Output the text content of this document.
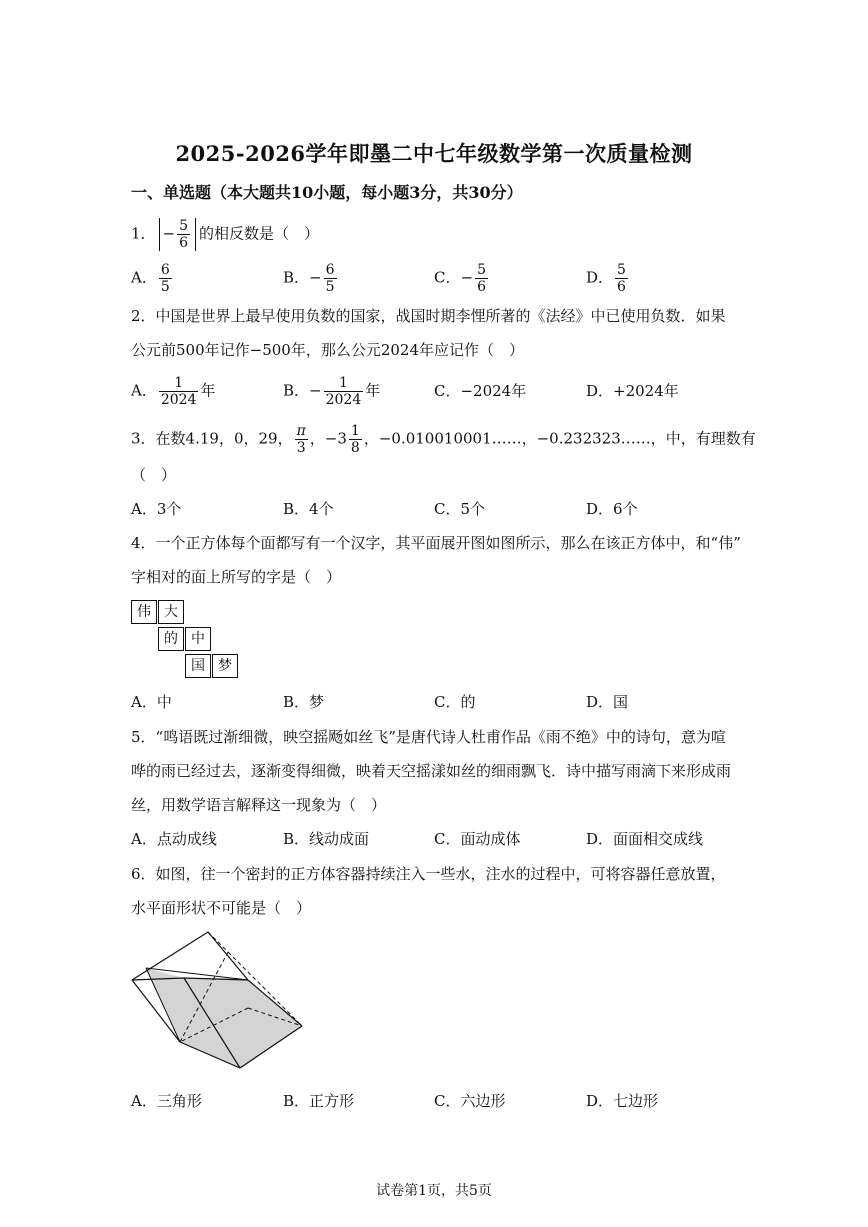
2025-2026学年即墨二中七年级数学第一次质量检测
一、单选题（本大题共10小题，每小题3分，共30分）
1． − $\frac{5}{6}$ 的相反数是（　）
A． $\frac{6}{5}$	B．− $\frac{6}{5}$	C．− $\frac{5}{6}$	D． $\frac{5}{6}$
2．中国是世界上最早使用负数的国家，战国时期李悝所著的《法经》中已使用负数．如果
公元前500年记作−500年，那么公元2024年应记作（　）
A． $\frac{1}{2024}$ 年	B．− $\frac{1}{2024}$ 年	C．−2024年	D．+2024年
3．在数4.19，0，29， $\frac{\pi}{3}$ ，$-3 \frac{1}{8}$ ，−0.010010001……，−0.232323……，中，有理数有
（　）
A．3个	B．4个	C．5个	D．6个
4．一个正方体每个面都写有一个汉字，其平面展开图如图所示，那么在该正方体中，和“伟”
字相对的面上所写的字是（　）
伟 大
的 中
国 梦
A．中	B．梦	C．的	D．国
5．“鸣语既过渐细微，映空摇飏如丝飞”是唐代诗人杜甫作品《雨不绝》中的诗句，意为喧
哗的雨已经过去，逐渐变得细微，映着天空摇漾如丝的细雨飘飞．诗中描写雨滴下来形成雨
丝，用数学语言解释这一现象为（　）
A．点动成线	B．线动成面	C．面动成体	D．面面相交成线
6．如图，往一个密封的正方体容器持续注入一些水，注水的过程中，可将容器任意放置，
水平面形状不可能是（　）
A．三角形	B．正方形	C．六边形	D．七边形
试卷第1页，共5页
